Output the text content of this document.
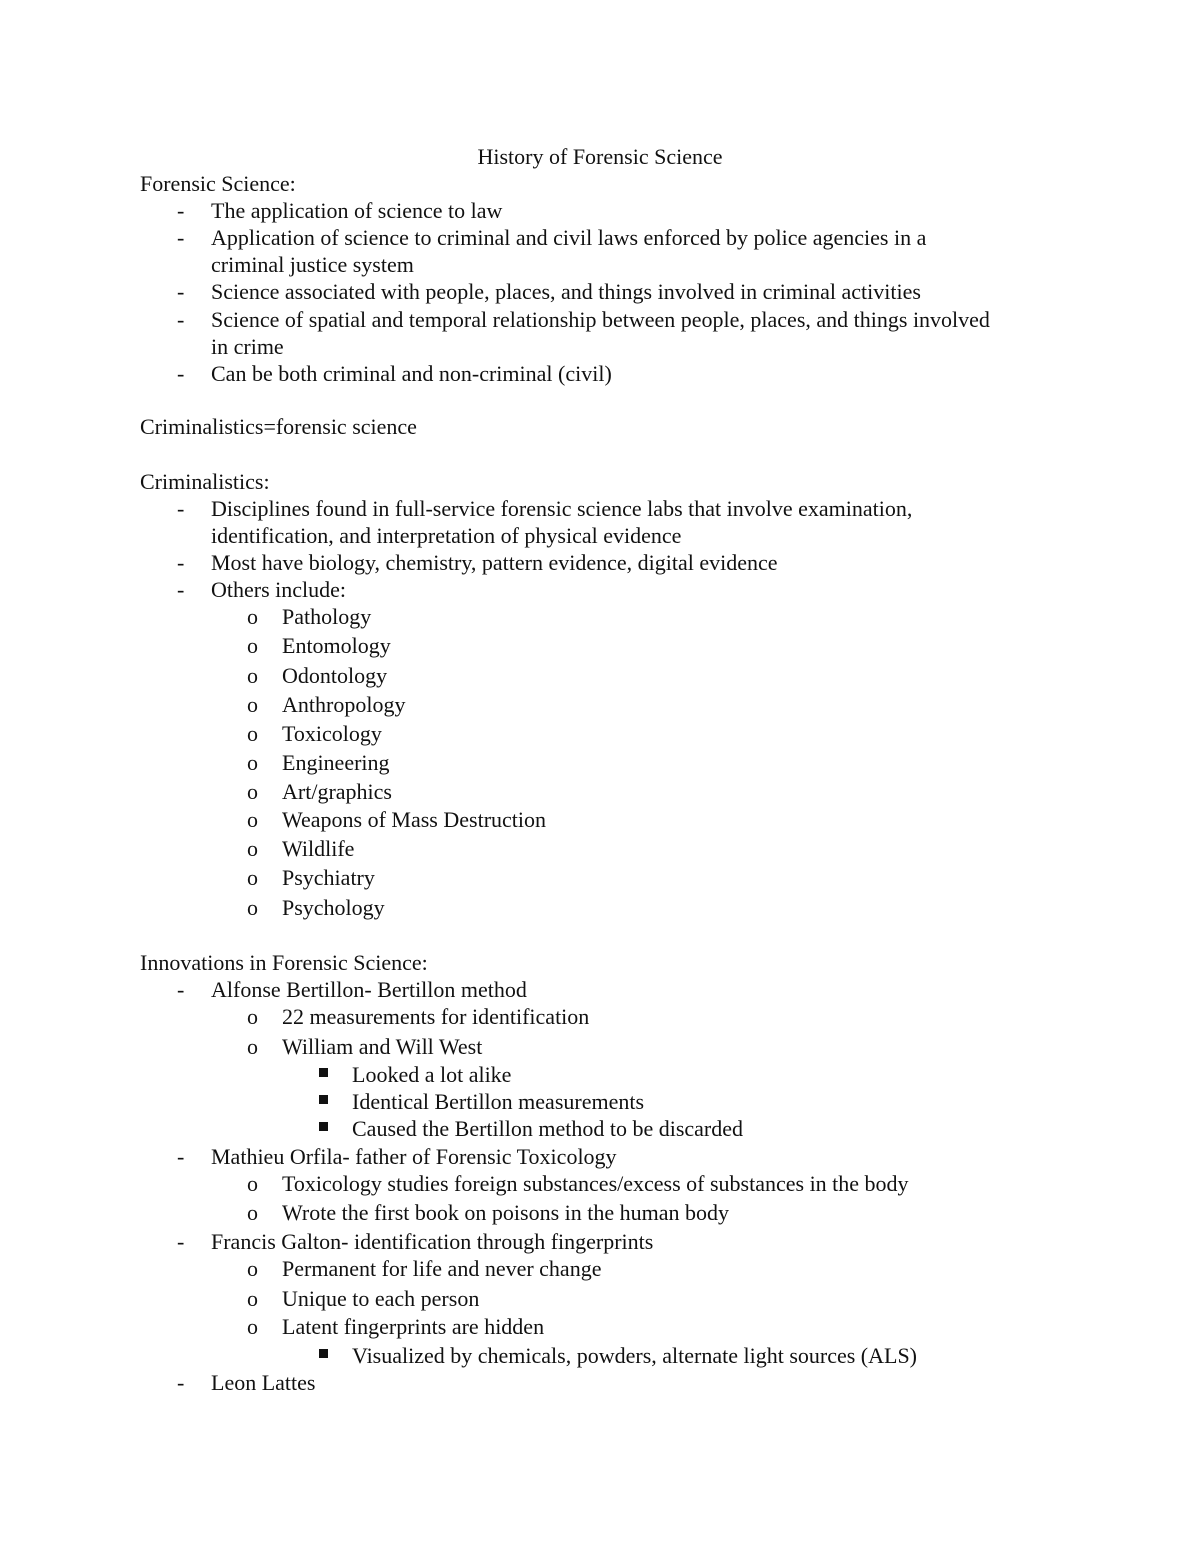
History of Forensic Science
Forensic Science:
- The application of science to law
- Application of science to criminal and civil laws enforced by police agencies in a
criminal justice system
- Science associated with people, places, and things involved in criminal activities
- Science of spatial and temporal relationship between people, places, and things involved
in crime
- Can be both criminal and non-criminal (civil)
Criminalistics=forensic science
Criminalistics:
- Disciplines found in full-service forensic science labs that involve examination,
identification, and interpretation of physical evidence
- Most have biology, chemistry, pattern evidence, digital evidence
- Others include:
o Pathology
o Entomology
o Odontology
o Anthropology
o Toxicology
o Engineering
o Art/graphics
o Weapons of Mass Destruction
o Wildlife
o Psychiatry
o Psychology
Innovations in Forensic Science:
- Alfonse Bertillon- Bertillon method
o 22 measurements for identification
o William and Will West
Looked a lot alike
Identical Bertillon measurements
Caused the Bertillon method to be discarded
- Mathieu Orfila- father of Forensic Toxicology
o Toxicology studies foreign substances/excess of substances in the body
o Wrote the first book on poisons in the human body
- Francis Galton- identification through fingerprints
o Permanent for life and never change
o Unique to each person
o Latent fingerprints are hidden
Visualized by chemicals, powders, alternate light sources (ALS)
- Leon Lattes
